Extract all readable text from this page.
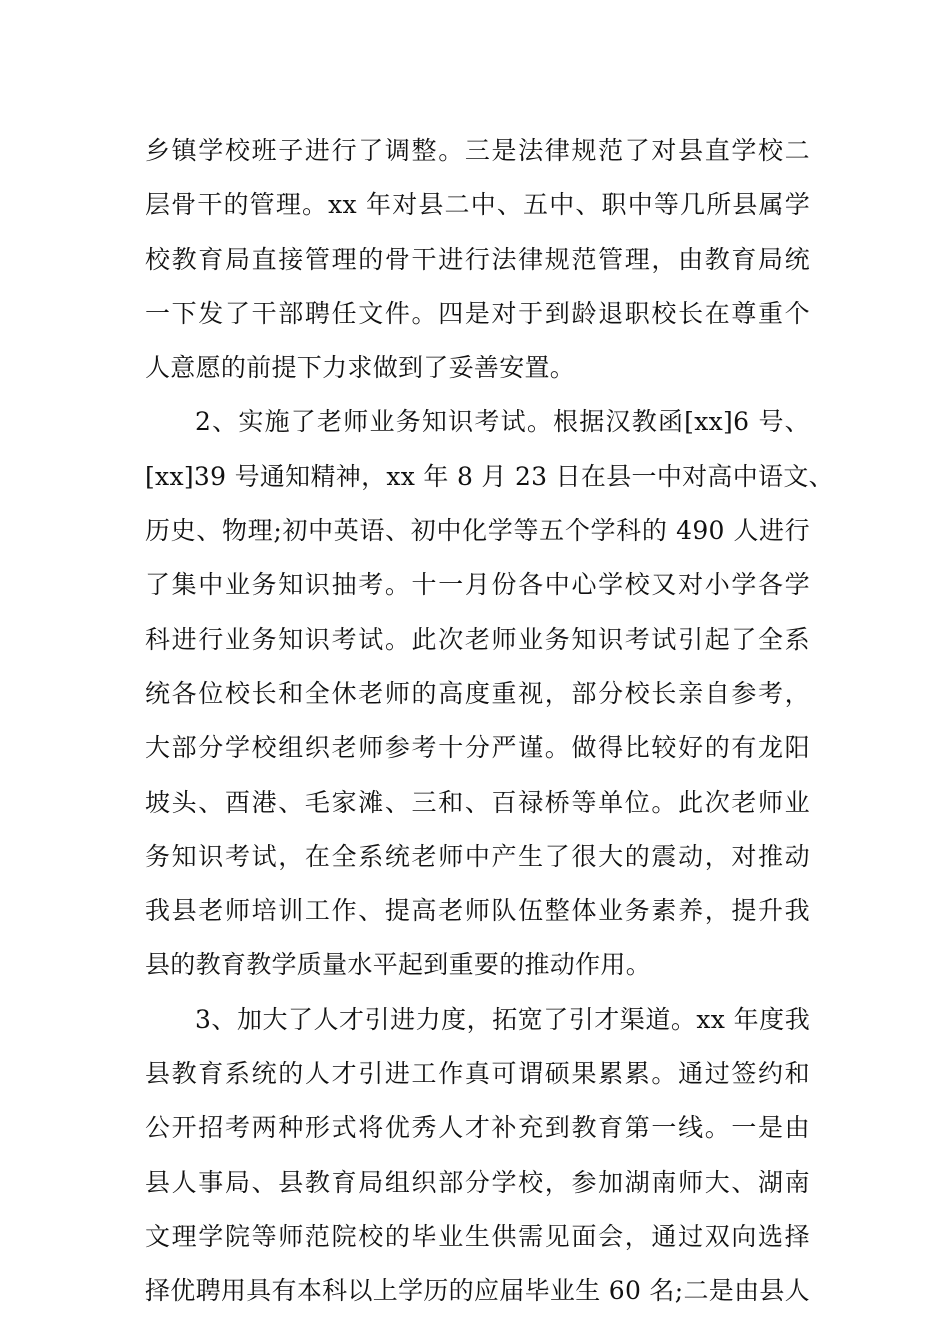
乡镇学校班子进行了调整。三是法律规范了对县直学校二
层骨干的管理。xx 年对县二中、五中、职中等几所县属学
校教育局直接管理的骨干进行法律规范管理，由教育局统
一下发了干部聘任文件。四是对于到龄退职校长在尊重个
人意愿的前提下力求做到了妥善安置。
2、实施了老师业务知识考试。根据汉教函[xx]6 号、
[xx]39 号通知精神，xx 年 8 月 23 日在县一中对高中语文、
历史、物理;初中英语、初中化学等五个学科的 490 人进行
了集中业务知识抽考。十一月份各中心学校又对小学各学
科进行业务知识考试。此次老师业务知识考试引起了全系
统各位校长和全休老师的高度重视，部分校长亲自参考，
大部分学校组织老师参考十分严谨。做得比较好的有龙阳
坡头、酉港、毛家滩、三和、百禄桥等单位。此次老师业
务知识考试，在全系统老师中产生了很大的震动，对推动
我县老师培训工作、提高老师队伍整体业务素养，提升我
县的教育教学质量水平起到重要的推动作用。
3、加大了人才引进力度，拓宽了引才渠道。xx 年度我
县教育系统的人才引进工作真可谓硕果累累。通过签约和
公开招考两种形式将优秀人才补充到教育第一线。一是由
县人事局、县教育局组织部分学校，参加湖南师大、湖南
文理学院等师范院校的毕业生供需见面会，通过双向选择
择优聘用具有本科以上学历的应届毕业生 60 名;二是由县人
